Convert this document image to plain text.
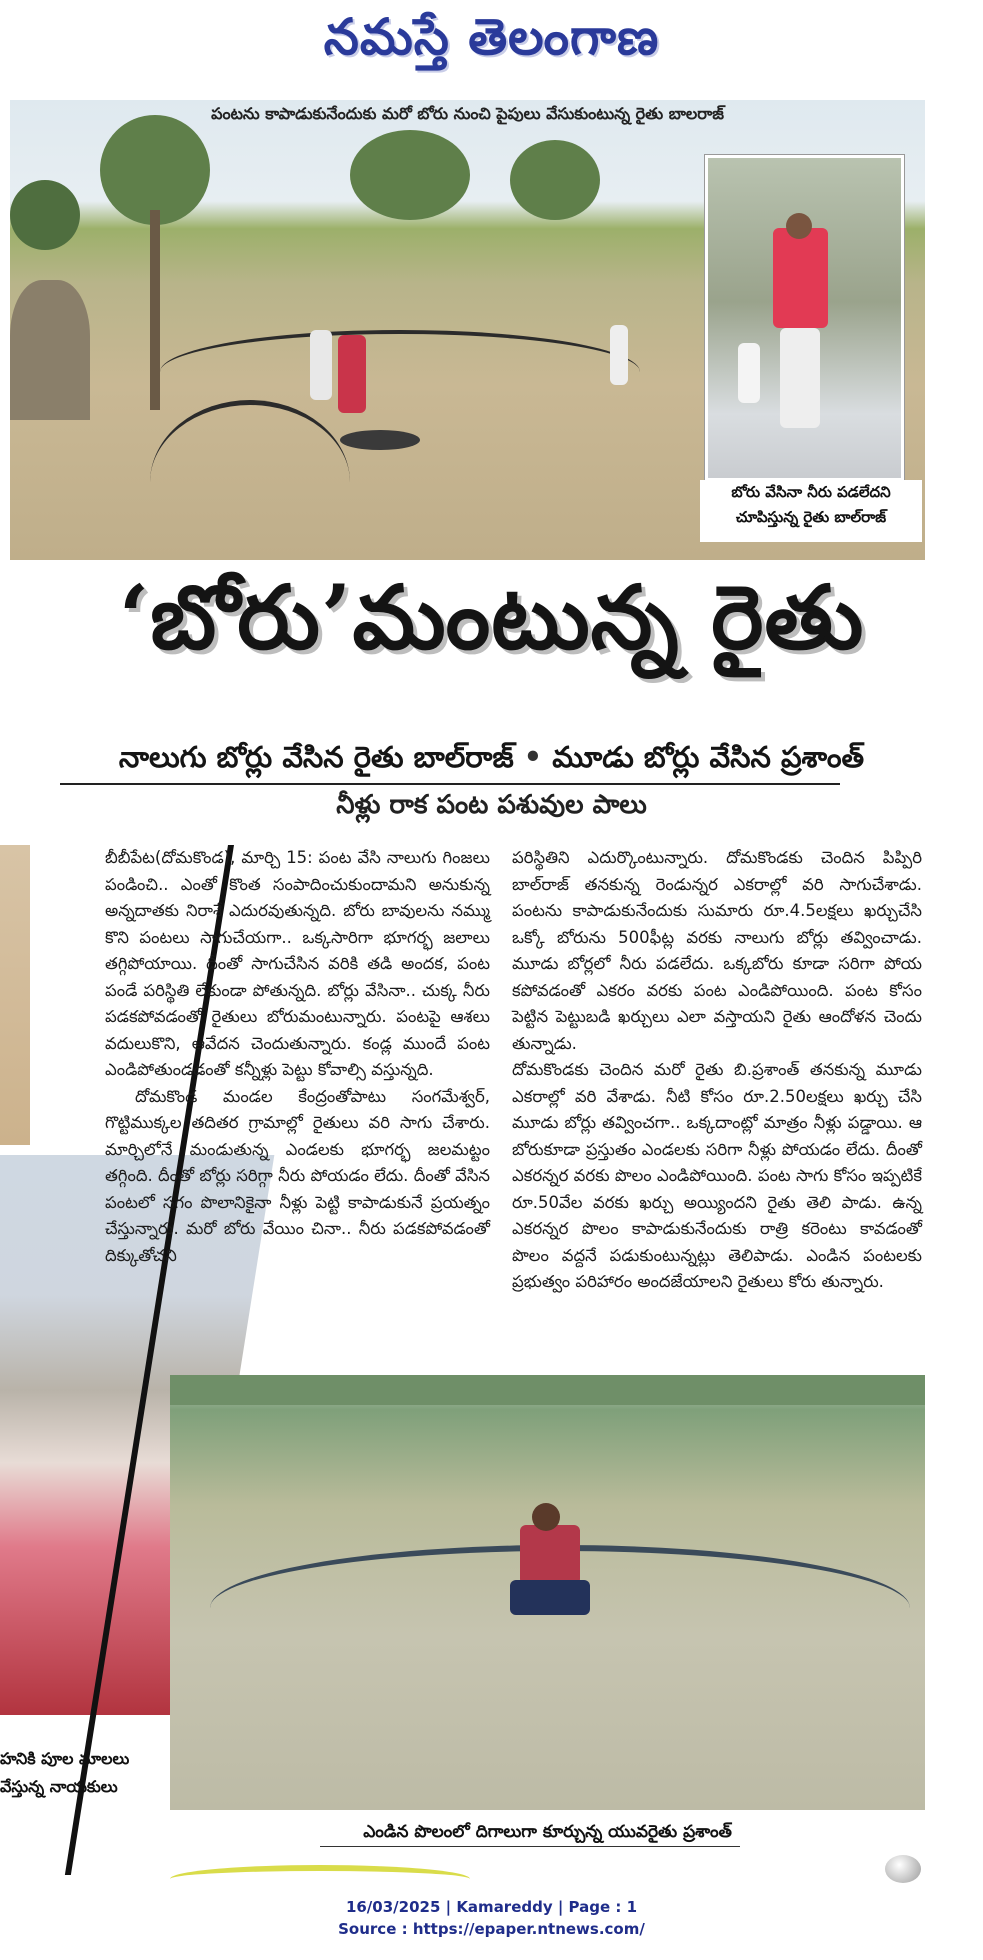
నమస్తే తెలంగాణ
పంటను కాపాడుకునేందుకు మరో బోరు నుంచి పైపులు వేసుకుంటున్న రైతు బాలరాజ్
బోరు వేసినా నీరు పడలేదని
చూపిస్తున్న రైతు బాల్‌రాజ్
‘బోరు’మంటున్న రైతు
నాలుగు బోర్లు వేసిన రైతు బాల్‌రాజ్ • మూడు బోర్లు వేసిన ప్రశాంత్
నీళ్లు రాక పంట పశువుల పాలు
హనికి పూల మాలలు
వేస్తున్న నాయకులు

బీబీపేట(దోమకొండ), మార్చి 15: పంట వేసి నాలుగు గింజలు పండించి.. ఎంతో కొంత సంపాదించుకుందామని అనుకున్న అన్నదాతకు నిరాశే ఎదురవుతున్నది. బోరు బావులను నమ్ము కొని పంటలు సాగుచేయగా.. ఒక్కసారిగా భూగర్భ జలాలు తగ్గిపోయాయి. దీంతో సాగుచేసిన వరికి తడి అందక, పంట పండే పరిస్థితి లేకుండా పోతున్నది. బోర్లు వేసినా.. చుక్క నీరు పడకపోవడంతో రైతులు బోరుమంటున్నారు. పంటపై ఆశలు వదులుకొని, ఆవేదన చెందుతున్నారు. కండ్ల ముందే పంట ఎండిపోతుండడంతో కన్నీళ్లు పెట్టు కోవాల్సి వస్తున్నది.

దోమకొండ మండల కేంద్రంతోపాటు సంగమేశ్వర్, గొట్టిముక్కల తదితర గ్రామాల్లో రైతులు వరి సాగు చేశారు. మార్చిలోనే మండుతున్న ఎండలకు భూగర్భ జలమట్టం తగ్గింది. దీంతో బోర్లు సరిగ్గా నీరు పోయడం లేదు. దీంతో వేసిన పంటలో సగం పొలానికైనా నీళ్లు పెట్టి కాపాడుకునే ప్రయత్నం చేస్తున్నారు. మరో బోరు వేయిం చినా.. నీరు పడకపోవడంతో దిక్కుతోచని

పరిస్థితిని ఎదుర్కొంటున్నారు. దోమకొండకు చెందిన పిప్పిరి బాల్‌రాజ్ తనకున్న రెండున్నర ఎకరాల్లో వరి సాగుచేశాడు. పంటను కాపాడుకునేందుకు సుమారు రూ.4.5లక్షలు ఖర్చుచేసి ఒక్కో బోరును 500ఫీట్ల వరకు నాలుగు బోర్లు తవ్వించాడు. మూడు బోర్లలో నీరు పడలేదు. ఒక్కబోరు కూడా సరిగా పోయ కపోవడంతో ఎకరం వరకు పంట ఎండిపోయింది. పంట కోసం పెట్టిన పెట్టుబడి ఖర్చులు ఎలా వస్తాయని రైతు ఆందోళన చెందు తున్నాడు.

దోమకొండకు చెందిన మరో రైతు బి.ప్రశాంత్ తనకున్న మూడు ఎకరాల్లో వరి వేశాడు. నీటి కోసం రూ.2.50లక్షలు ఖర్చు చేసి మూడు బోర్లు తవ్వించగా.. ఒక్కదాంట్లో మాత్రం నీళ్లు పడ్డాయి. ఆ బోరుకూడా ప్రస్తుతం ఎండలకు సరిగా నీళ్లు పోయడం లేదు. దీంతో ఎకరన్నర వరకు పొలం ఎండిపోయింది. పంట సాగు కోసం ఇప్పటికే రూ.50వేల వరకు ఖర్చు అయ్యిందని రైతు తెలి పాడు. ఉన్న ఎకరన్నర పొలం కాపాడుకునేందుకు రాత్రి కరెంటు కావడంతో పొలం వద్దనే పడుకుంటున్నట్లు తెలిపాడు. ఎండిన పంటలకు ప్రభుత్వం పరిహారం అందజేయాలని రైతులు కోరు తున్నారు.

ఎండిన పొలంలో దిగాలుగా కూర్చున్న యువరైతు ప్రశాంత్
16/03/2025 | Kamareddy | Page : 1
Source : https://epaper.ntnews.com/
